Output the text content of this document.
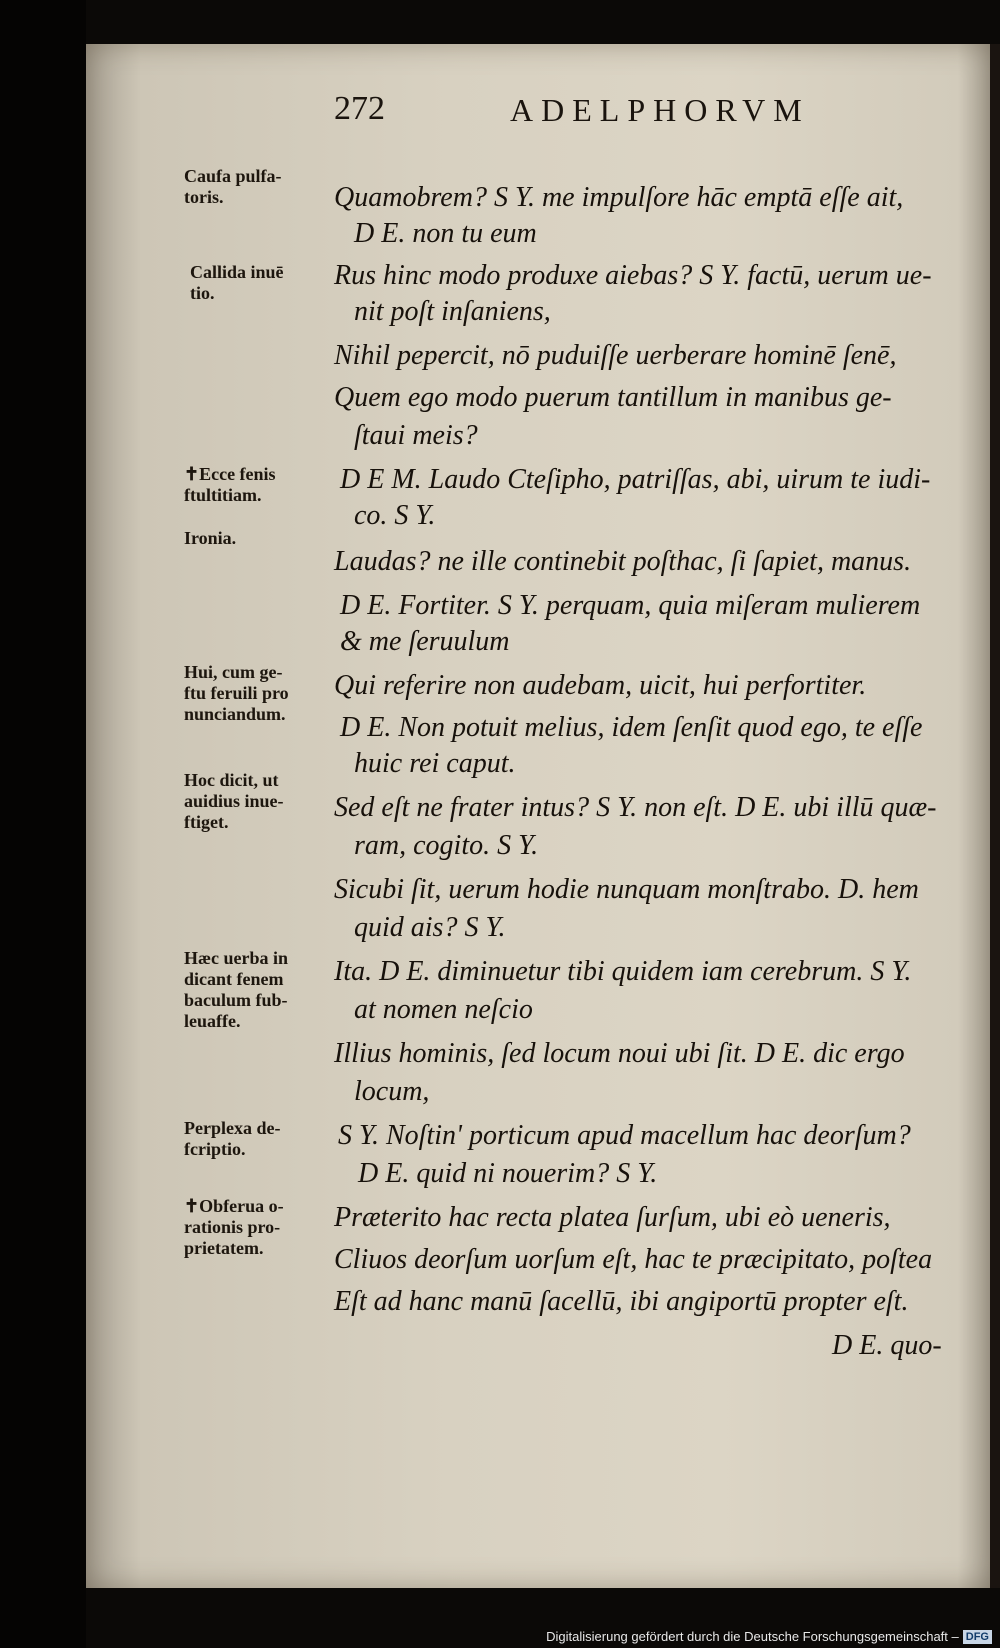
272	ADELPHORVM
Caufa pulfa‑
toris.
Callida inuē
tio.
✝Ecce fenis
ftultitiam.
Ironia.
Hui, cum ge‑
ftu feruili pro
nunciandum.
Hoc dicit, ut
auidius inue‑
ftiget.
Hæc uerba in
dicant fenem
baculum fub‑
leuaffe.
Perplexa de‑
fcriptio.
✝Obferua o‑
rationis pro‑
prietatem.
Quamobrem? S Y. me impulſore hāc emptā eſſe ait,
D E. non tu eum
Rus hinc modo produxe aiebas? S Y. factū, uerum ue‑
nit poſt inſaniens,
Nihil pepercit, nō puduiſſe uerberare hominē ſenē,
Quem ego modo puerum tantillum in manibus ge‑
ſtaui meis?
D E M. Laudo Cteſipho, patriſſas, abi, uirum te iudi‑
co. S Y.
Laudas? ne ille continebit poſthac, ſi ſapiet, manus.
D E. Fortiter. S Y. perquam, quia miſeram mulierem
& me ſeruulum
Qui referire non audebam, uicit, hui perfortiter.
D E. Non potuit melius, idem ſenſit quod ego, te eſſe
huic rei caput.
Sed eſt ne frater intus? S Y. non eſt. D E. ubi illū quæ‑
ram, cogito. S Y.
Sicubi ſit, uerum hodie nunquam monſtrabo. D. hem
quid ais? S Y.
Ita. D E. diminuetur tibi quidem iam cerebrum. S Y.
at nomen neſcio
Illius hominis, ſed locum noui ubi ſit. D E. dic ergo
locum,
S Y. Noſtin' porticum apud macellum hac deorſum?
D E. quid ni nouerim? S Y.
Præterito hac recta platea ſurſum, ubi eò ueneris,
Cliuos deorſum uorſum eſt, hac te præcipitato, poſtea
Eſt ad hanc manū ſacellū, ibi angiportū propter eſt.
D E. quo‑
Digitalisierung gefördert durch die Deutsche Forschungsgemeinschaft – DFG
